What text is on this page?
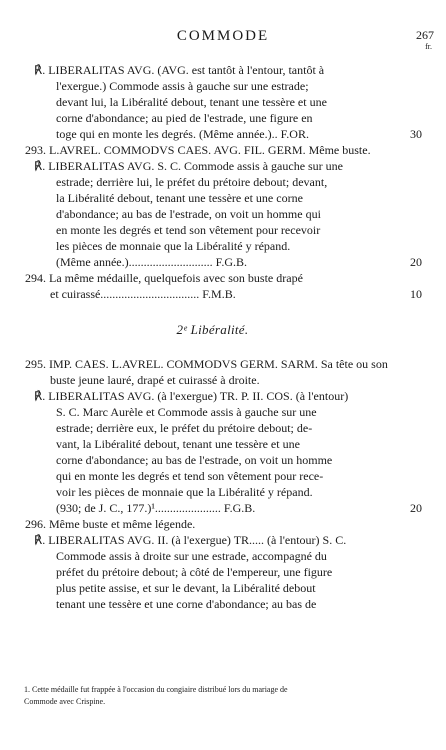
COMMODE	267
fr.
℟. LIBERALITAS AVG. (AVG. est tantôt à l'entour, tantôt à
l'exergue.) Commode assis à gauche sur une estrade;
devant lui, la Libéralité debout, tenant une tessère et une
corne d'abondance; au pied de l'estrade, une figure en
toge qui en monte les degrés. (Même année.).. F.OR.	30
293. L.AVREL. COMMODVS CAES. AVG. FIL. GERM. Même buste.
℟. LIBERALITAS AVG. S. C. Commode assis à gauche sur une
estrade; derrière lui, le préfet du prétoire debout; devant,
la Libéralité debout, tenant une tessère et une corne
d'abondance; au bas de l'estrade, on voit un homme qui
en monte les degrés et tend son vêtement pour recevoir
les pièces de monnaie que la Libéralité y répand.
(Même année.)............................ F.G.B.	20
294. La même médaille, quelquefois avec son buste drapé
et cuirassé................................. F.M.B.	10
2ᵉ Libéralité.
295. IMP. CAES. L.AVREL. COMMODVS GERM. SARM. Sa tête ou son
buste jeune lauré, drapé et cuirassé à droite.
℟. LIBERALITAS AVG. (à l'exergue) TR. P. II. COS. (à l'entour)
S. C. Marc Aurèle et Commode assis à gauche sur une
estrade; derrière eux, le préfet du prétoire debout; de-
vant, la Libéralité debout, tenant une tessère et une
corne d'abondance; au bas de l'estrade, on voit un homme
qui en monte les degrés et tend son vêtement pour rece-
voir les pièces de monnaie que la Libéralité y répand.
(930; de J. C., 177.)¹...................... F.G.B.	20
296. Même buste et même légende.
℟. LIBERALITAS AVG. II. (à l'exergue) TR..... (à l'entour) S. C.
Commode assis à droite sur une estrade, accompagné du
préfet du prétoire debout; à côté de l'empereur, une figure
plus petite assise, et sur le devant, la Libéralité debout
tenant une tessère et une corne d'abondance; au bas de
1. Cette médaille fut frappée à l'occasion du congiaire distribué lors du mariage de
Commode avec Crispine.
